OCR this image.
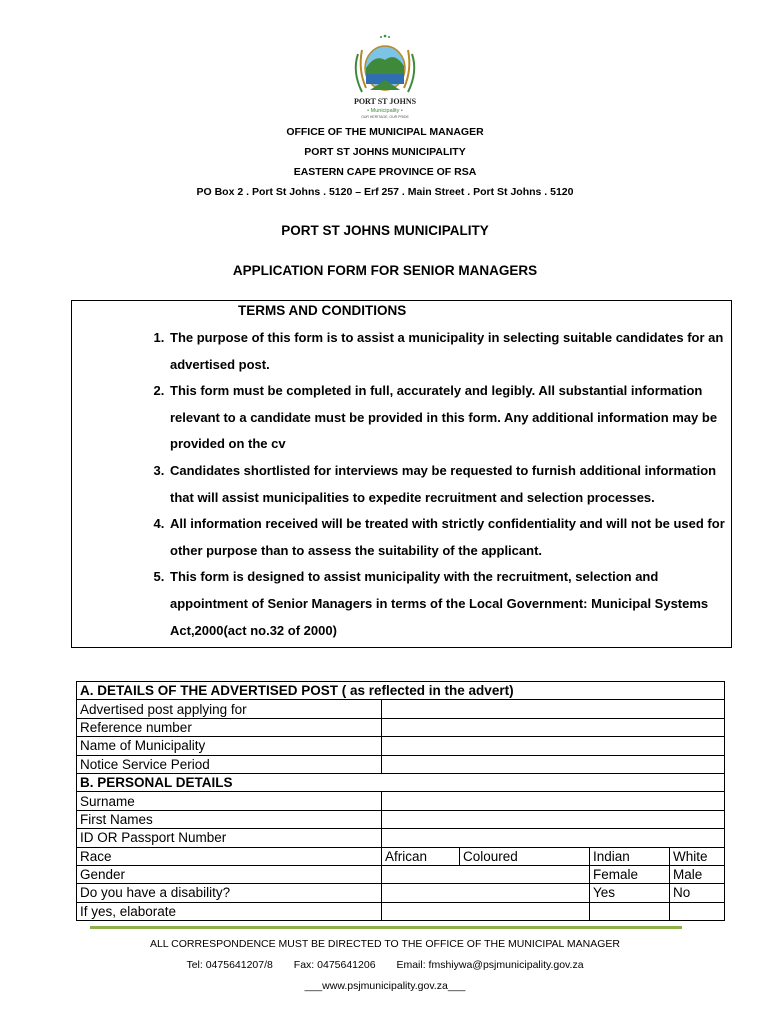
PORT ST JOHNS
• Municipality •
OUR HERITAGE, OUR PRIDE
OFFICE OF THE MUNICIPAL MANAGER
PORT ST JOHNS MUNICIPALITY
EASTERN CAPE PROVINCE OF RSA
PO Box 2 . Port St Johns . 5120 – Erf 257 . Main Street . Port St Johns . 5120
PORT ST JOHNS MUNICIPALITY
APPLICATION FORM FOR SENIOR MANAGERS
TERMS AND CONDITIONS
1. The purpose of this form is to assist a municipality in selecting suitable candidates for an advertised post.
2. This form must be completed in full, accurately and legibly. All substantial information relevant to a candidate must be provided in this form. Any additional information may be provided on the cv
3. Candidates shortlisted for interviews may be requested to furnish additional information that will assist municipalities to expedite recruitment and selection processes.
4. All information received will be treated with strictly confidentiality and will not be used for other purpose than to assess the suitability of the applicant.
5. This form is designed to assist municipality with the recruitment, selection and appointment of Senior Managers in terms of the Local Government: Municipal Systems Act,2000(act no.32 of 2000)
A. DETAILS OF THE ADVERTISED POST ( as reflected in the advert)				
Advertised post applying for				
Reference number				
Name of Municipality				
Notice Service Period				
B. PERSONAL DETAILS				
Surname				
First Names				
ID OR Passport Number				
Race	African	Coloured	Indian	White
Gender			Female	Male
Do you have a disability?			Yes	No
If yes, elaborate				
ALL CORRESPONDENCE MUST BE DIRECTED TO THE OFFICE OF THE MUNICIPAL MANAGER
Tel: 0475641207/8 Fax: 0475641206 Email: fmshiywa@psjmunicipality.gov.za
___www.psjmunicipality.gov.za___
